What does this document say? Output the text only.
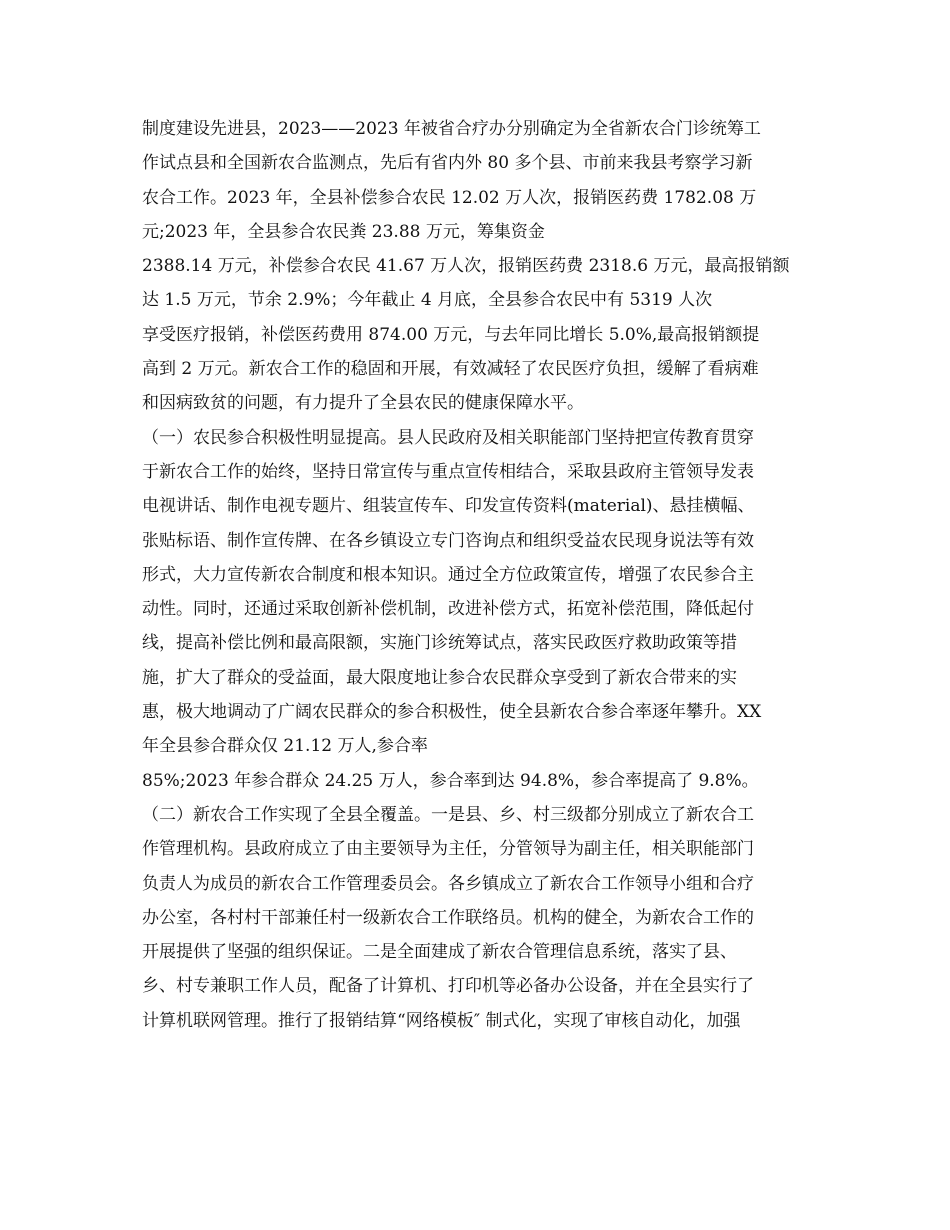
制度建设先进县，2023——2023 年被省合疗办分别确定为全省新农合门诊统筹工
作试点县和全国新农合监测点，先后有省内外 80 多个县、市前来我县考察学习新
农合工作。2023 年，全县补偿参合农民 12.02 万人次，报销医药费 1782.08 万
元;2023 年，全县参合农民粪 23.88 万元，筹集资金
2388.14 万元，补偿参合农民 41.67 万人次，报销医药费 2318.6 万元，最高报销额
达 1.5 万元，节余 2.9%；今年截止 4 月底，全县参合农民中有 5319 人次
享受医疗报销，补偿医药费用 874.00 万元，与去年同比增长 5.0%,最高报销额提
高到 2 万元。新农合工作的稳固和开展，有效减轻了农民医疗负担，缓解了看病难
和因病致贫的问题，有力提升了全县农民的健康保障水平。
（一）农民参合积极性明显提高。县人民政府及相关职能部门坚持把宣传教育贯穿
于新农合工作的始终，坚持日常宣传与重点宣传相结合，采取县政府主管领导发表
电视讲话、制作电视专题片、组装宣传车、印发宣传资料(material)、悬挂横幅、
张贴标语、制作宣传牌、在各乡镇设立专门咨询点和组织受益农民现身说法等有效
形式，大力宣传新农合制度和根本知识。通过全方位政策宣传，增强了农民参合主
动性。同时，还通过采取创新补偿机制，改进补偿方式，拓宽补偿范围，降低起付
线，提高补偿比例和最高限额，实施门诊统筹试点，落实民政医疗救助政策等措
施，扩大了群众的受益面，最大限度地让参合农民群众享受到了新农合带来的实
惠，极大地调动了广阔农民群众的参合积极性，使全县新农合参合率逐年攀升。XX
年全县参合群众仅 21.12 万人,参合率
85%;2023 年参合群众 24.25 万人，参合率到达 94.8%，参合率提高了 9.8%。
（二）新农合工作实现了全县全覆盖。一是县、乡、村三级都分别成立了新农合工
作管理机构。县政府成立了由主要领导为主任，分管领导为副主任，相关职能部门
负责人为成员的新农合工作管理委员会。各乡镇成立了新农合工作领导小组和合疗
办公室，各村村干部兼任村一级新农合工作联络员。机构的健全，为新农合工作的
开展提供了坚强的组织保证。二是全面建成了新农合管理信息系统，落实了县、
乡、村专兼职工作人员，配备了计算机、打印机等必备办公设备，并在全县实行了
计算机联网管理。推行了报销结算“网络模板″ 制式化，实现了审核自动化，加强
